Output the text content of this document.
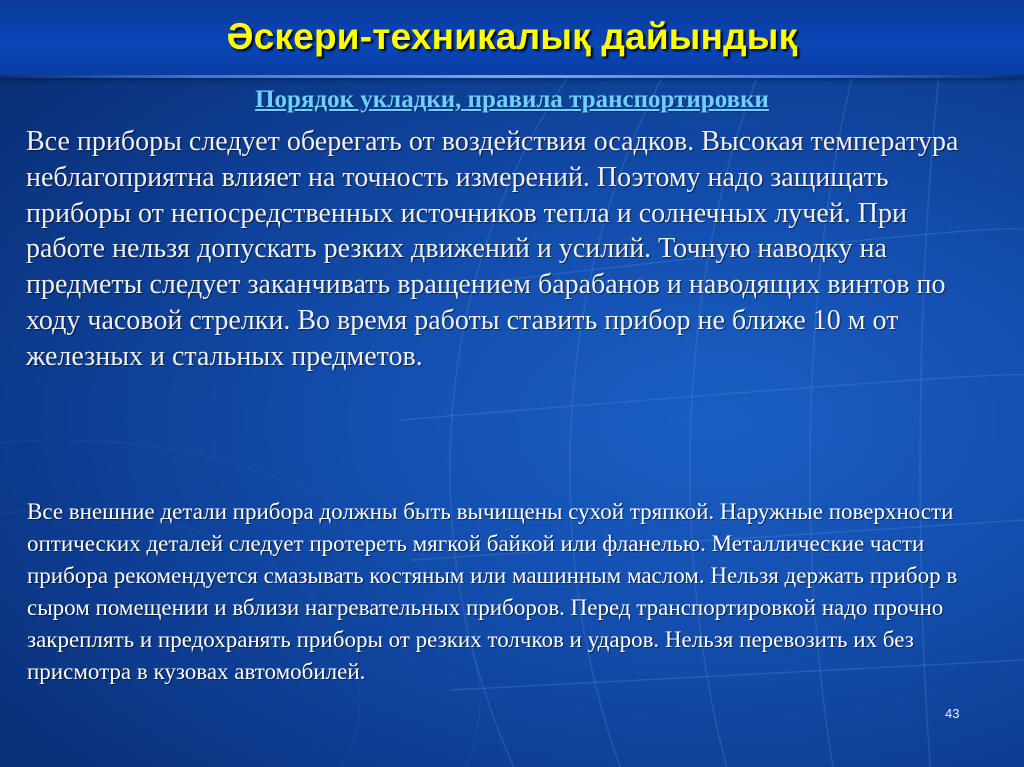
Әскери-техникалық дайындық
Порядок укладки, правила транспортировки

Все приборы следует оберегать от воздействия осадков. Высокая температура неблагоприятна влияет на точность измерений. Поэтому надо защищать приборы от непосредственных источников тепла и солнечных лучей. При работе нельзя допускать резких движений и усилий. Точную наводку на предметы следует заканчивать вращением барабанов и наводящих винтов по ходу часовой стрелки. Во время работы ставить прибор не ближе 10 м от железных и стальных предметов.

Все внешние детали прибора должны быть вычищены сухой тряпкой. Наружные поверхности оптических деталей следует протереть мягкой байкой или фланелью. Металлические части прибора рекомендуется смазывать костяным или машинным маслом. Нельзя держать прибор в сыром помещении и вблизи нагревательных приборов. Перед транспортировкой надо прочно закреплять и предохранять приборы от резких толчков и ударов. Нельзя перевозить их без присмотра в кузовах автомобилей.

43
